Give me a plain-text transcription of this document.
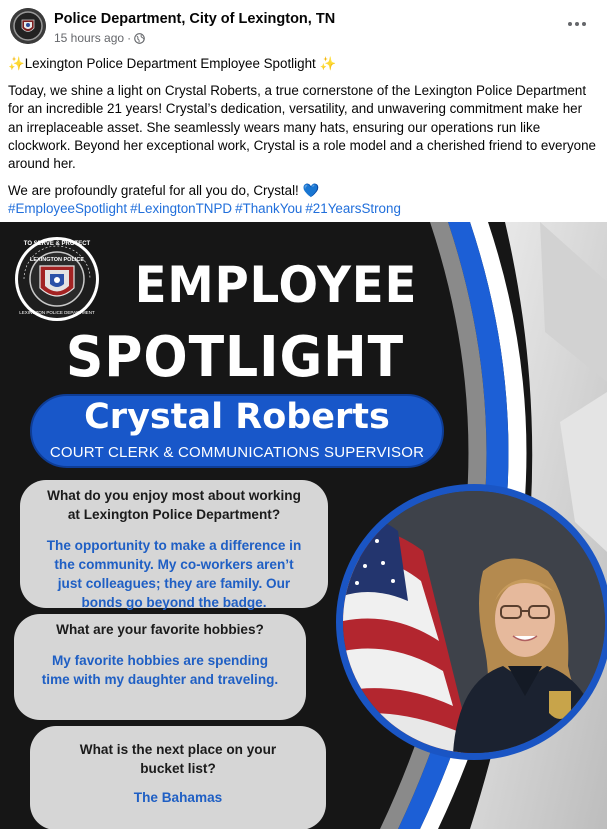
Police Department, City of Lexington, TN
15 hours ago ·

✨Lexington Police Department Employee Spotlight ✨

Today, we shine a light on Crystal Roberts, a true cornerstone of the Lexington Police Department for an incredible 21 years! Crystal’s dedication, versatility, and unwavering commitment make her an irreplaceable asset. She seamlessly wears many hats, ensuring our operations run like clockwork. Beyond her exceptional work, Crystal is a role model and a cherished friend to everyone around her.

We are profoundly grateful for all you do, Crystal! 💙
#EmployeeSpotlight #LexingtonTNPD #ThankYou #21YearsStrong
TO SERVE & PROTECT
LEXINGTON POLICE
LEXINGTON POLICE DEPARTMENT EMPLOYEE
SPOTLIGHT
Crystal Roberts
COURT CLERK & COMMUNICATIONS SUPERVISOR
What do you enjoy most about working
at Lexington Police Department?
The opportunity to make a difference in
the community. My co-workers aren’t
just colleagues; they are family. Our
bonds go beyond the badge.
What are your favorite hobbies?
My favorite hobbies are spending
time with my daughter and traveling.
What is the next place on your
bucket list?
The Bahamas
